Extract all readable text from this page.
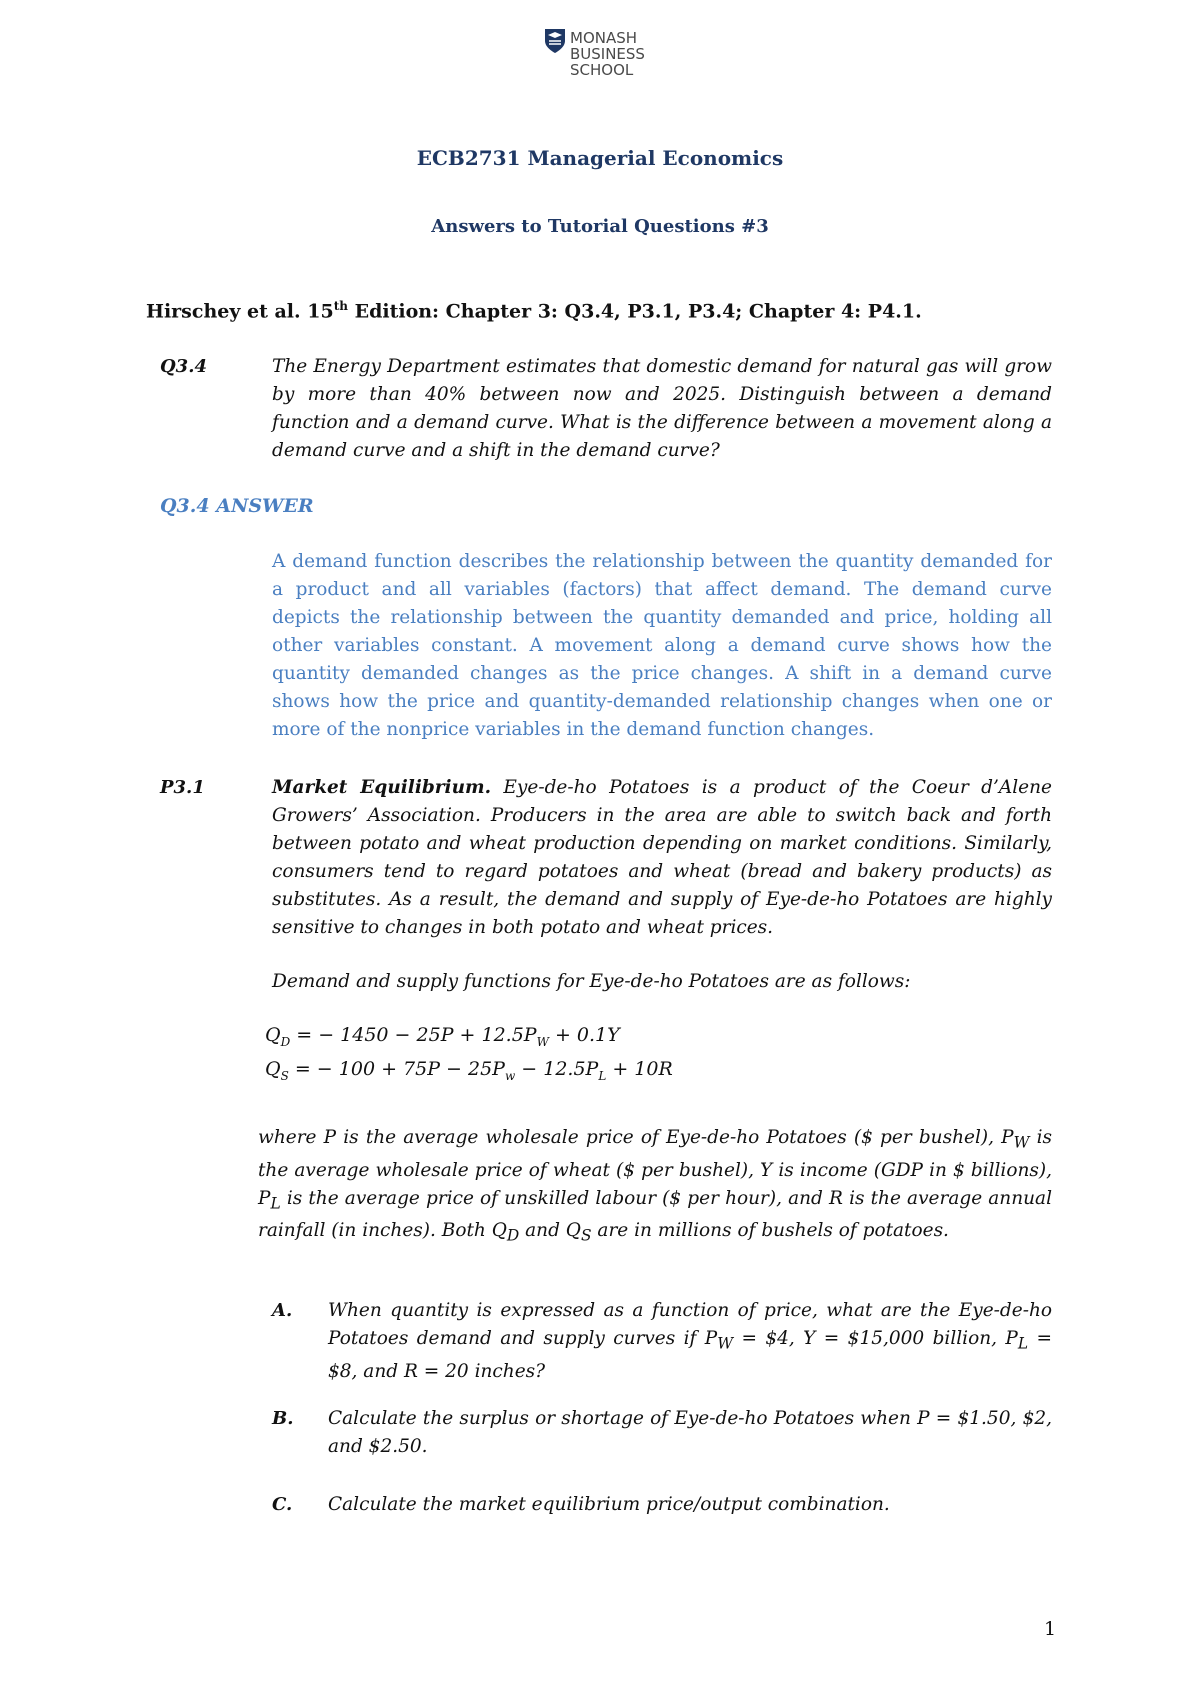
MONASH
BUSINESS
SCHOOL
ECB2731 Managerial Economics
Answers to Tutorial Questions #3
Hirschey et al. 15th Edition: Chapter 3: Q3.4, P3.1, P3.4; Chapter 4: P4.1.
Q3.4	The Energy Department estimates that domestic demand for natural gas will grow by more than 40% between now and 2025. Distinguish between a demand function and a demand curve. What is the difference between a movement along a demand curve and a shift in the demand curve?
Q3.4 ANSWER
A demand function describes the relationship between the quantity demanded for a product and all variables (factors) that affect demand. The demand curve depicts the relationship between the quantity demanded and price, holding all other variables constant. A movement along a demand curve shows how the quantity demanded changes as the price changes. A shift in a demand curve shows how the price and quantity-demanded relationship changes when one or more of the nonprice variables in the demand function changes.
P3.1	Market Equilibrium. Eye-de-ho Potatoes is a product of the Coeur d’Alene Growers’ Association. Producers in the area are able to switch back and forth between potato and wheat production depending on market conditions. Similarly, consumers tend to regard potatoes and wheat (bread and bakery products) as substitutes. As a result, the demand and supply of Eye-de-ho Potatoes are highly sensitive to changes in both potato and wheat prices.
Demand and supply functions for Eye-de-ho Potatoes are as follows:
$Q_D$ = − $1450 - 25P + 12.5P_W + 0.1Y$
$Q_S$ = − $100 + 75P - 25P_w - 12.5P_L + 10R$
where P is the average wholesale price of Eye-de-ho Potatoes ($ per bushel), $P_W$ is the average wholesale price of wheat ($ per bushel), Y is income (GDP in $ billions), $P_L$ is the average price of unskilled labour ($ per hour), and R is the average annual rainfall (in inches). Both $Q_D$ and $Q_S$ are in millions of bushels of potatoes.
A. When quantity is expressed as a function of price, what are the Eye-de-ho Potatoes demand and supply curves if $P_W$ = $4, Y = $15,000 billion, $P_L$ = $8, and R = 20 inches?
B. Calculate the surplus or shortage of Eye-de-ho Potatoes when P = $1.50, $2, and $2.50.
C. Calculate the market equilibrium price/output combination.
1
